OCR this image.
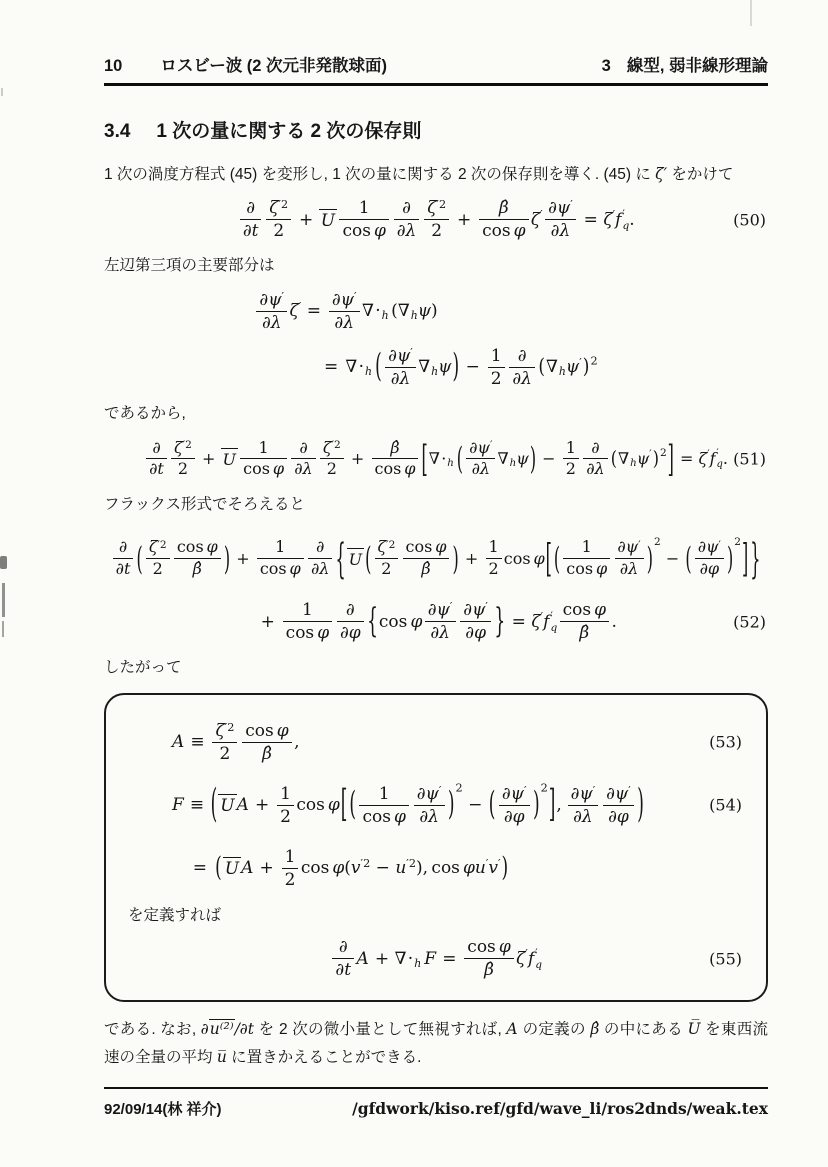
10 ロスビー波 (2 次元非発散球面)	3 線型, 弱非線形理論
3.4 1 次の量に関する 2 次の保存則

1 次の渦度方程式 (45) を変形し, 1 次の量に関する 2 次の保存則を導く. (45) に ζ′ をかけて

∂
∂t
ζ ′2
2
+ U
1
cos φ
∂
∂λ
ζ ′2
2
+ $\frac{\betâ}{\text{cos φ}}$ ζ ′ $\frac{\partial\psi '}{\partial\lambda} = \zeta$ ′ f ′
q .	(50)

左辺第三項の主要部分は

∂ψ ′
∂λ
ζ ′ = $\frac{\partial\psi '}{\partial\lambda}$ ∇ · h ( ∇ h ψ )
= ∇ · h ( ∂ψ ′
∂λ
∇ h ψ ) − $\frac{1}{2}$ ∂
∂λ ( ∇ h ψ ′ ) 2

であるから,

∂
∂t
ζ ′2
2
+ U
1
cos φ
∂
∂λ
ζ ′2
2
+ $\frac{\betâ}{\text{cos φ}}$ [ ∇ · h ( ∂ψ ′
∂λ
∇ h ψ ) − $\frac{1}{2}$ ∂
∂λ ( ∇ h ψ ′ ) 2 ] = ζ ′ f ′
q . (51)

フラックス形式でそろえると

∂
∂t ( ζ ′2
2
cos φ
β̂ ) + $\frac{1}{\text{cos φ}}$ ∂
∂λ { U ( ζ ′2
2
cos φ
β̂ ) + $\frac{1}{2}$ cos φ [ ( 1
cos φ
∂ψ ′
∂λ ) 2
− ( ∂ψ ′
∂φ ) 2 ] }
+ $\frac{1}{\text{cos φ}}$ ∂
∂φ { cos φ
∂ψ ′
∂λ
∂ψ ′
∂φ } = ζ ′ f ′
q
cos φ
β̂
.	(52)

したがって

A ≡
ζ ′2
2
cos φ
β̂
,	(53)
F ≡ ( U $A + \frac{1}{2}$ cos φ [ ( 1
cos φ
∂ψ ′
∂λ ) 2
− ( ∂ψ ′
∂φ ) 2 ] ,
∂ψ ′
∂λ
∂ψ ′
∂φ )	(54)
= ( U $A + \frac{1}{2}$ cos φ ( v ′2 − u ′2 ) , cos φ u ′ v ′ )

を定義すれば

∂
∂t
A + ∇ · h $F = \frac{\text{cos φ}}{\betâ}$ ζ ′ f ′
q	(55)

である. なお, ∂u⁽²⁾/∂t を 2 次の微小量として無視すれば, A の定義の β̂ の中にある U̅ を東西流速の全量の平均 u̅ に置きかえることができる.

92/09/14(林 祥介)	/gfdwork/kiso.ref/gfd/wave_li/ros2dnds/weak.tex
